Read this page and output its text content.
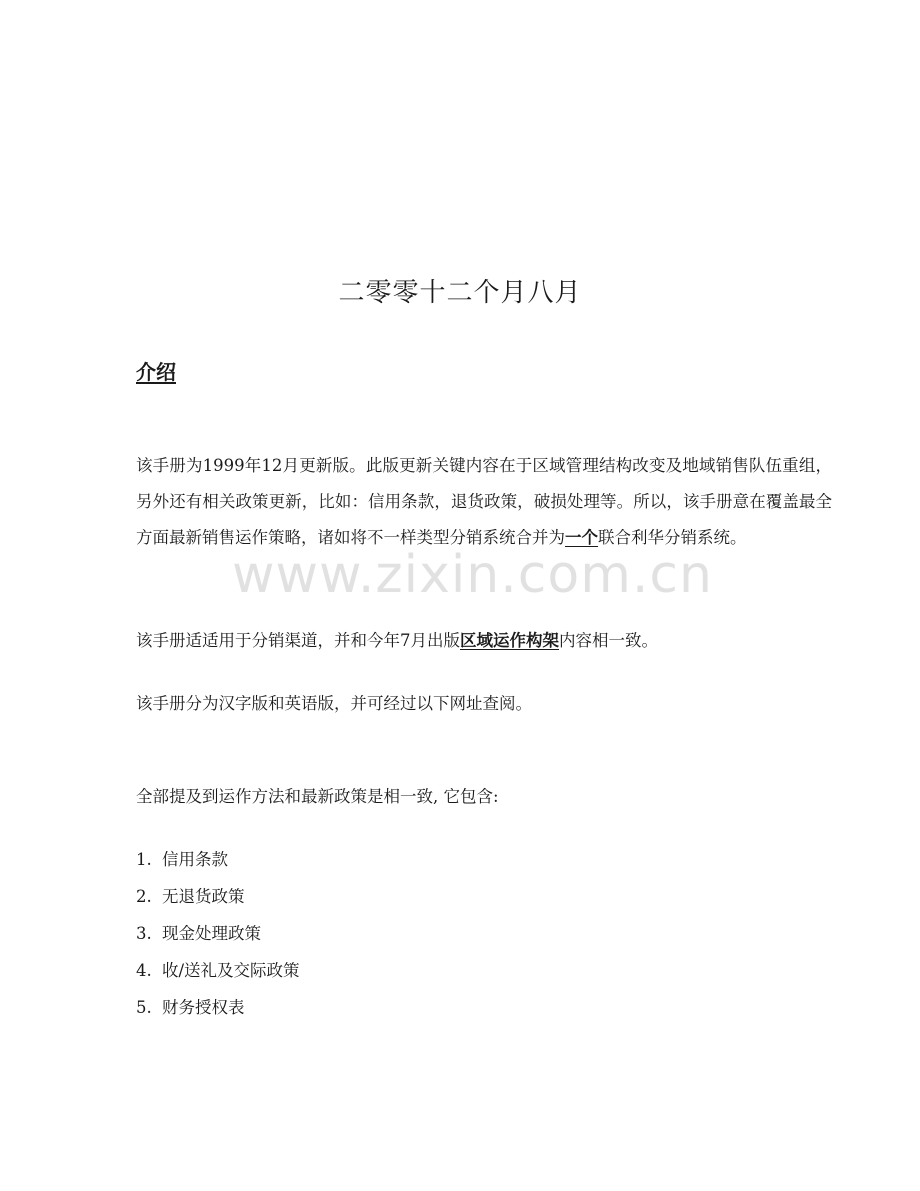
二零零十二个月八月
介绍
该手册为1999年12月更新版。此版更新关键内容在于区域管理结构改变及地域销售队伍重组，另外还有相关政策更新，比如：信用条款，退货政策，破损处理等。所以，该手册意在覆盖最全方面最新销售运作策略，诸如将不一样类型分销系统合并为一个联合利华分销系统。
该手册适适用于分销渠道，并和今年7月出版区域运作构架内容相一致。
该手册分为汉字版和英语版，并可经过以下网址查阅。
全部提及到运作方法和最新政策是相一致, 它包含:
1. 信用条款
2. 无退货政策
3. 现金处理政策
4. 收/送礼及交际政策
5. 财务授权表
www.zixin.com.cn
